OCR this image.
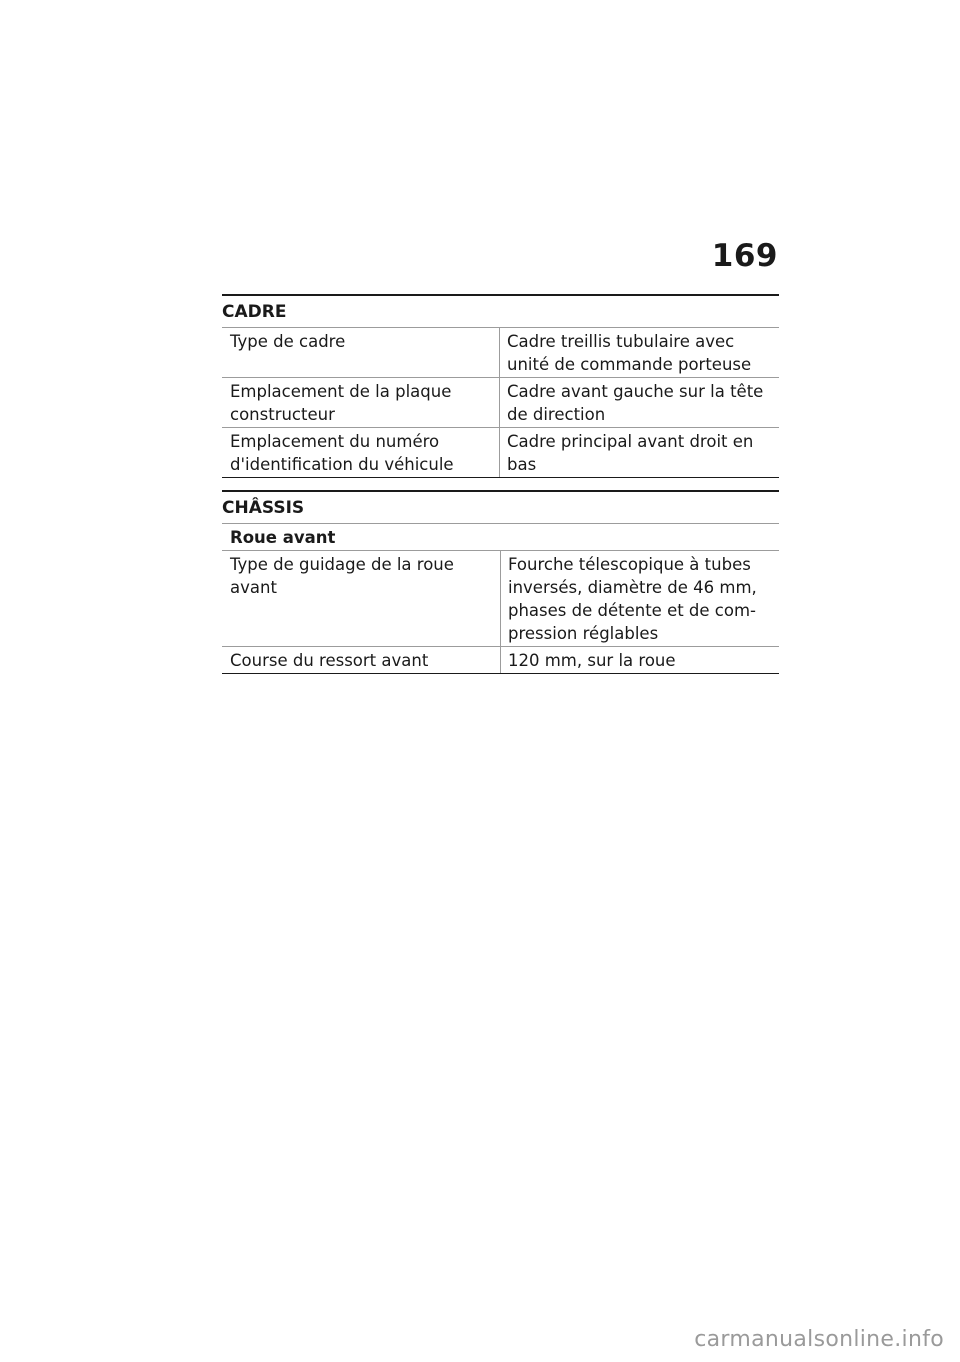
169
CADRE
Type de cadre	Cadre treillis tubulaire avec unité de commande porteuse
Emplacement de la plaque constructeur	Cadre avant gauche sur la tête de direction
Emplacement du numéro d'identification du véhicule	Cadre principal avant droit en bas
CHÂSSIS
Roue avant	
Type de guidage de la roue avant	Fourche télescopique à tubes inversés, diamètre de 46 mm, phases de détente et de com-pression réglables
Course du ressort avant	120 mm, sur la roue
carmanualsonline.info
